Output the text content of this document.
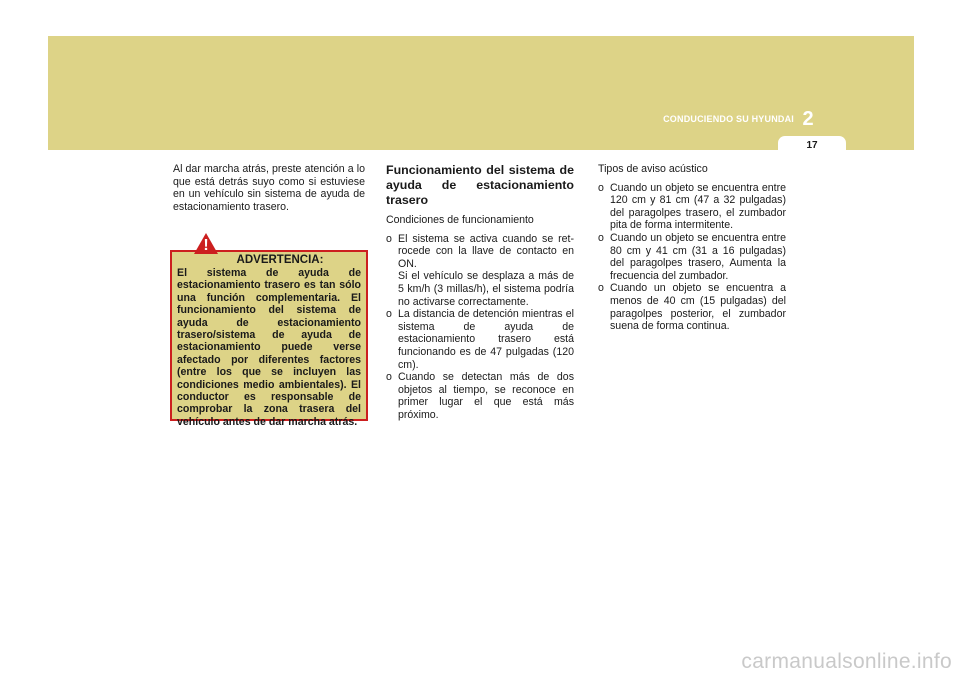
CONDUCIENDO SU HYUNDAI 2
17

Al dar marcha atrás, preste atención a lo que está detrás suyo como si estuviese en un vehículo sin sistema de ayuda de estacionamiento trasero.

ADVERTENCIA:

El sistema de ayuda de estacionamiento trasero es tan sólo una función complementaria. El funcionamiento del sistema de ayuda de estacionamiento trasero/sistema de ayuda de estacionamiento puede verse afectado por diferentes factores (entre los que se incluyen las condiciones medio ambientales). El conductor es responsable de comprobar la zona trasera del vehículo antes de dar marcha atrás.

!

Funcionamiento del sistema de ayuda de estacionamiento trasero

Condiciones de funcionamiento

o El sistema se activa cuando se ret-rocede con la llave de contacto en ON.
Si el vehículo se desplaza a más de 5 km/h (3 millas/h), el sistema podría no activarse correctamente.
o La distancia de detención mientras el sistema de ayuda de estacionamiento trasero está funcionando es de 47 pulgadas (120 cm).
o Cuando se detectan más de dos objetos al tiempo, se reconoce en primer lugar el que está más próximo.

Tipos de aviso acústico

o Cuando un objeto se encuentra entre 120 cm y 81 cm (47 a 32 pulgadas) del paragolpes trasero, el zumbador pita de forma intermitente.
o Cuando un objeto se encuentra entre 80 cm y 41 cm (31 a 16 pulgadas) del paragolpes trasero, Aumenta la frecuencia del zumbador.
o Cuando un objeto se encuentra a menos de 40 cm (15 pulgadas) del paragolpes posterior, el zumbador suena de forma continua.
carmanualsonline.info
